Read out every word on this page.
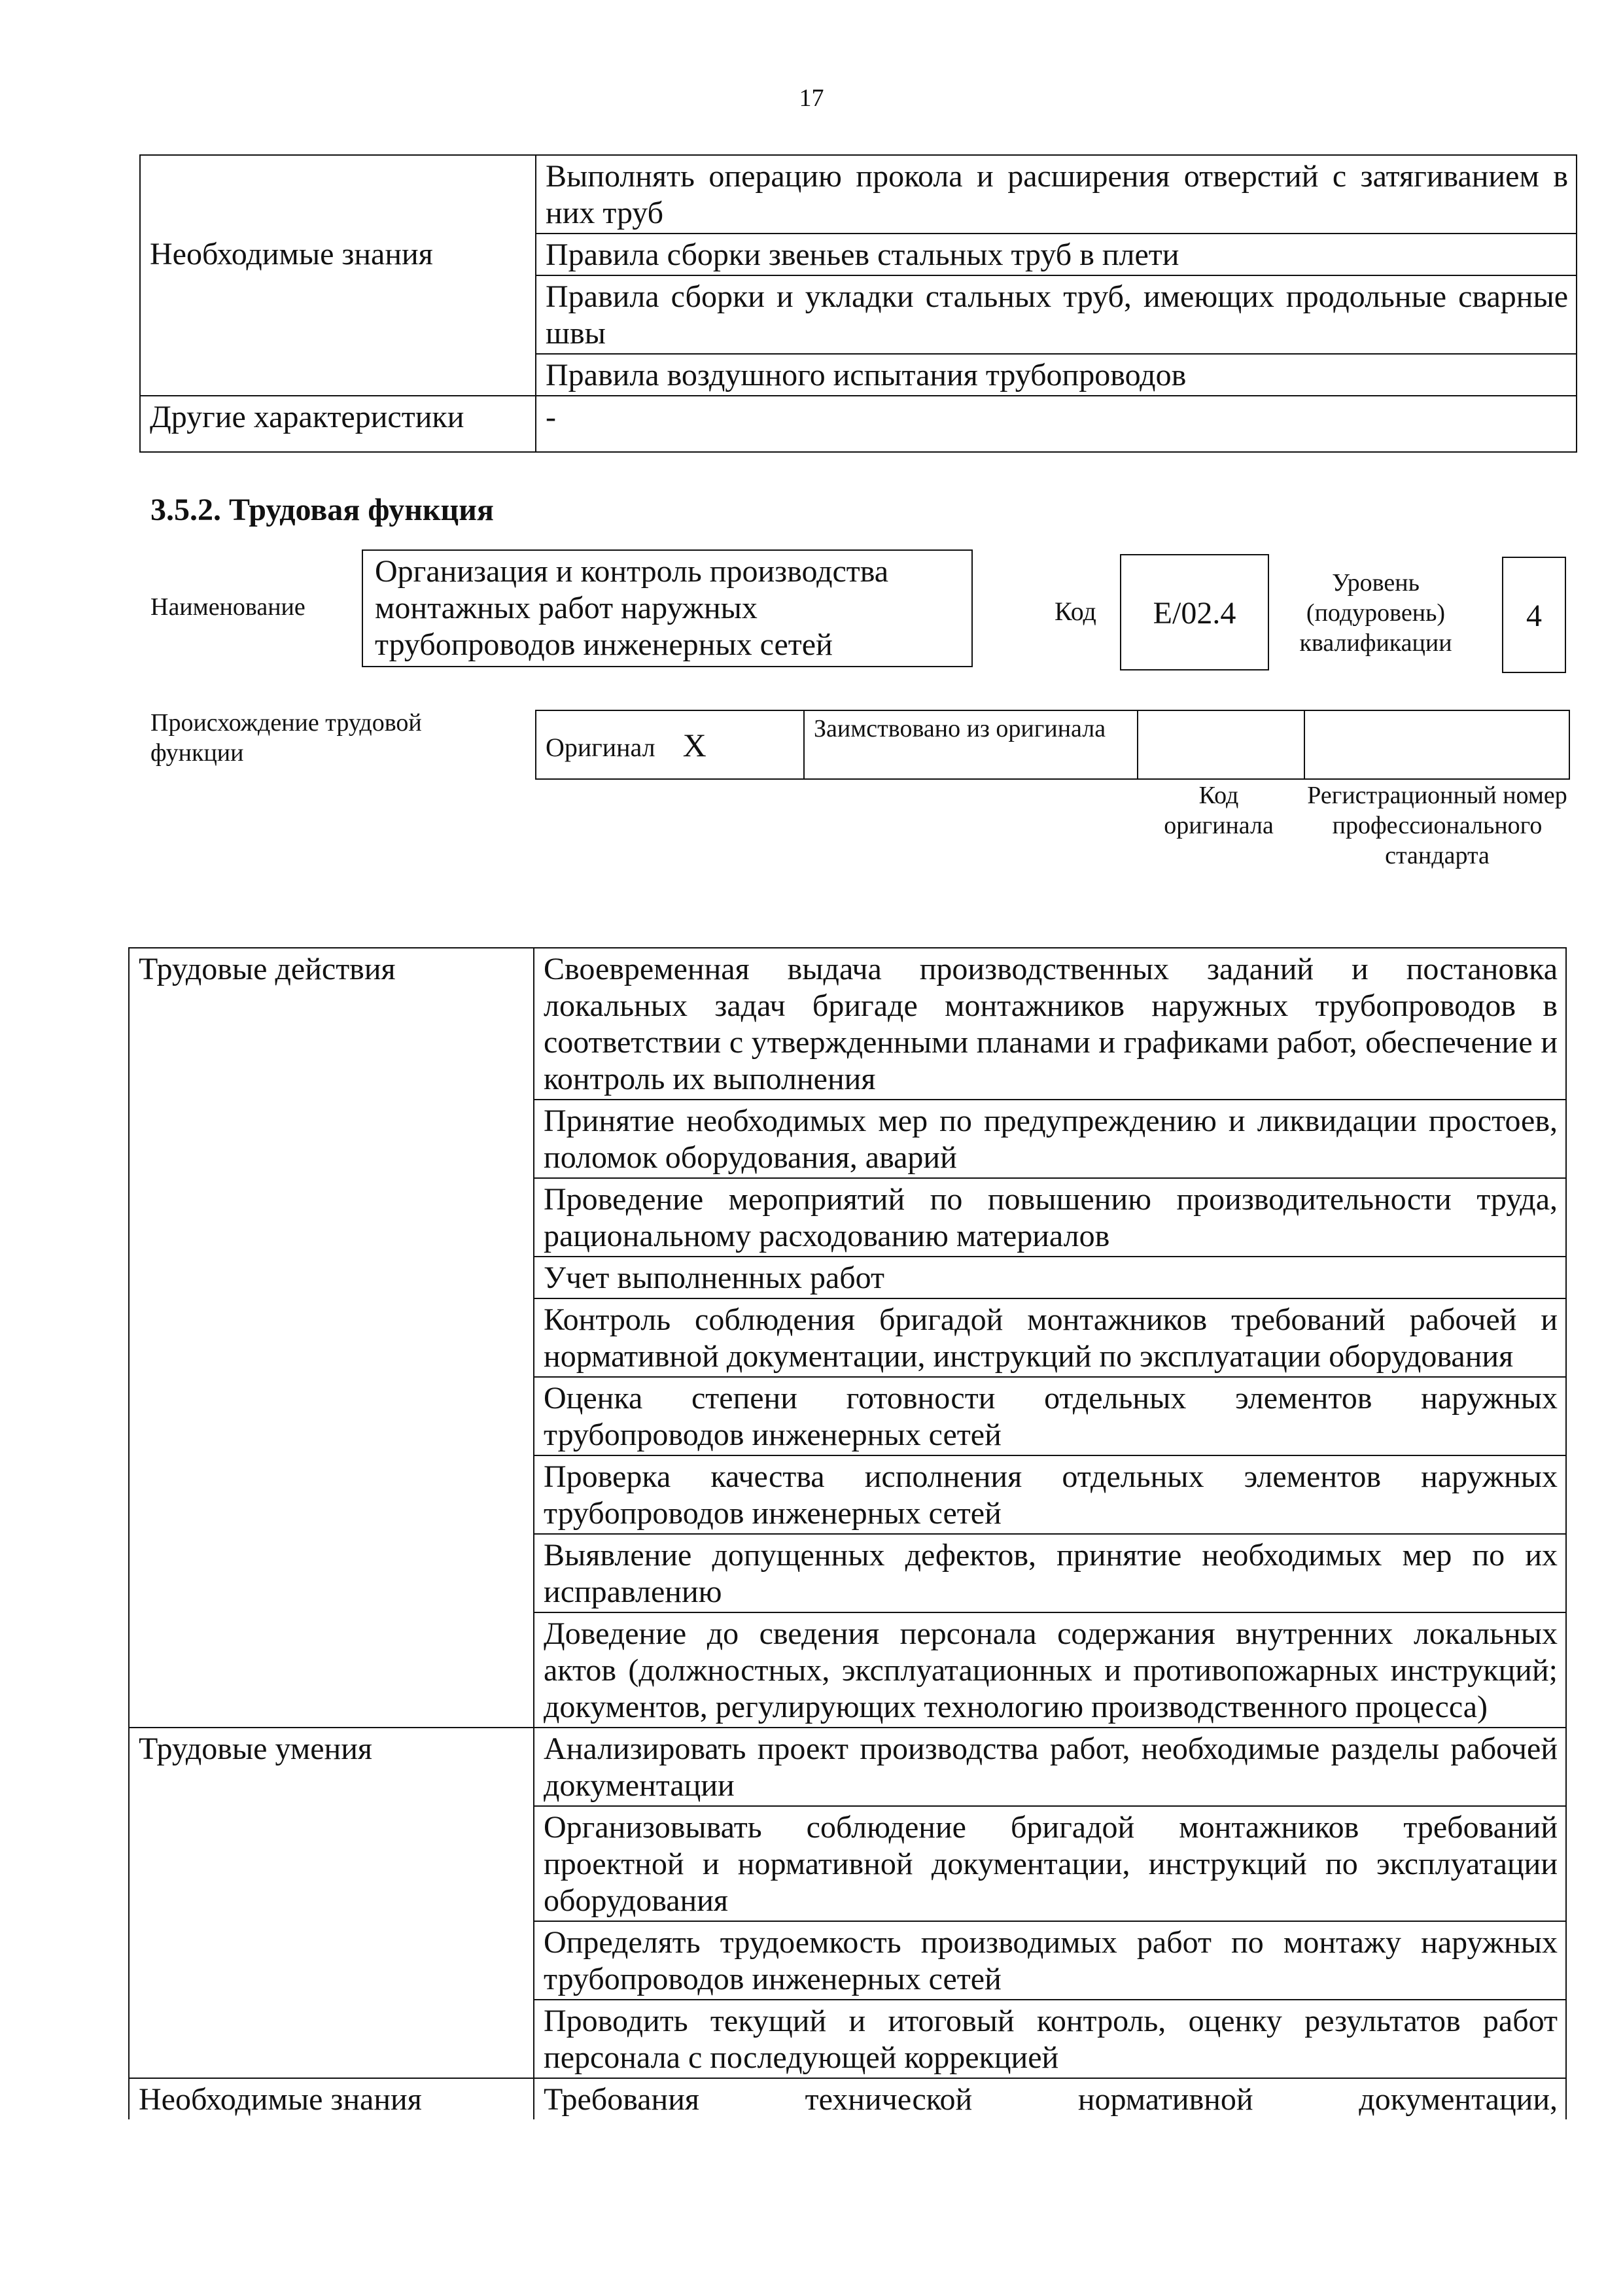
17
	Выполнять операцию прокола и расширения отверстий с затягиванием в них труб
Необходимые знания	Правила сборки звеньев стальных труб в плети
	Правила сборки и укладки стальных труб, имеющих продольные сварные швы
	Правила воздушного испытания трубопроводов
Другие характеристики	-
3.5.2. Трудовая функция
Наименование
Организация и контроль производства монтажных работ наружных трубопроводов инженерных сетей
Код	E/02.4
Уровень (подуровень) квалификации
4
Происхождение трудовой функции	Оригинал X	Заимствовано из оригинала

Код оригинала
Регистрационный номер профессионального стандарта
Трудовые действия	Своевременная выдача производственных заданий и постановка локальных задач бригаде монтажников наружных трубопроводов в соответствии с утвержденными планами и графиками работ, обеспечение и контроль их выполнения
	Принятие необходимых мер по предупреждению и ликвидации простоев, поломок оборудования, аварий
	Проведение мероприятий по повышению производительности труда, рациональному расходованию материалов
	Учет выполненных работ
	Контроль соблюдения бригадой монтажников требований рабочей и нормативной документации, инструкций по эксплуатации оборудования
	Оценка степени готовности отдельных элементов наружных трубопроводов инженерных сетей
	Проверка качества исполнения отдельных элементов наружных трубопроводов инженерных сетей
	Выявление допущенных дефектов, принятие необходимых мер по их исправлению
	Доведение до сведения персонала содержания внутренних локальных актов (должностных, эксплуатационных и противопожарных инструкций; документов, регулирующих технологию производственного процесса)
Трудовые умения	Анализировать проект производства работ, необходимые разделы рабочей документации
	Организовывать соблюдение бригадой монтажников требований проектной и нормативной документации, инструкций по эксплуатации оборудования
	Определять трудоемкость производимых работ по монтажу наружных трубопроводов инженерных сетей
	Проводить текущий и итоговый контроль, оценку результатов работ персонала с последующей коррекцией
Необходимые знания	Требования технической нормативной документации,
